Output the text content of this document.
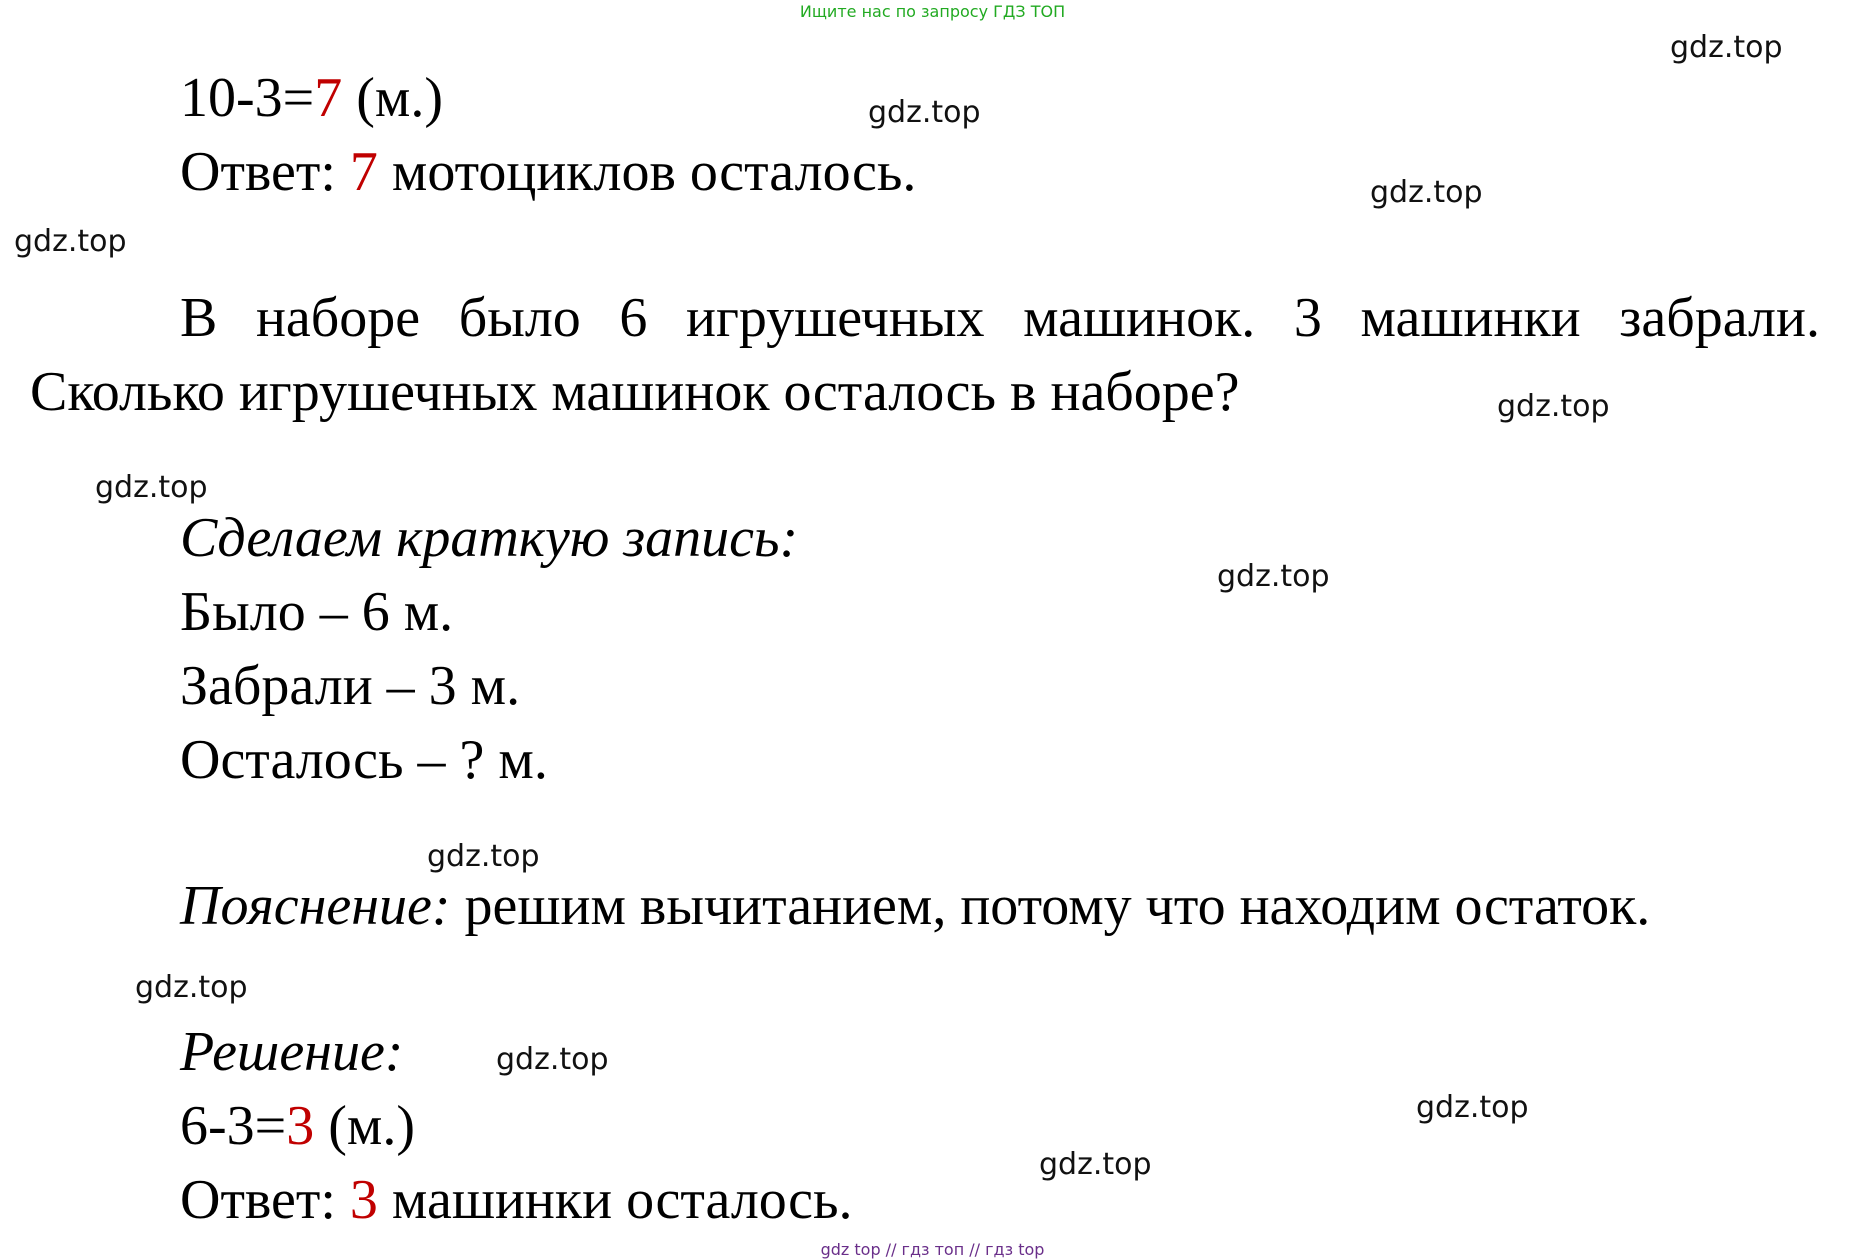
Ищите нас по запросу ГДЗ ТОП
10-3=7 (м.)
Ответ: 7 мотоциклов осталось.
В наборе было 6 игрушечных машинок. 3 машинки забрали.
Сколько игрушечных машинок осталось в наборе?
Сделаем краткую запись:
Было – 6 м.
Забрали – 3 м.
Осталось – ? м.
Пояснение: решим вычитанием, потому что находим остаток.
Решение:
6-3=3 (м.)
Ответ: 3 машинки осталось.
gdz.top
gdz.top
gdz.top
gdz.top
gdz.top
gdz.top
gdz.top
gdz.top
gdz.top
gdz.top
gdz.top
gdz.top
gdz top // гдз топ // гдз top
